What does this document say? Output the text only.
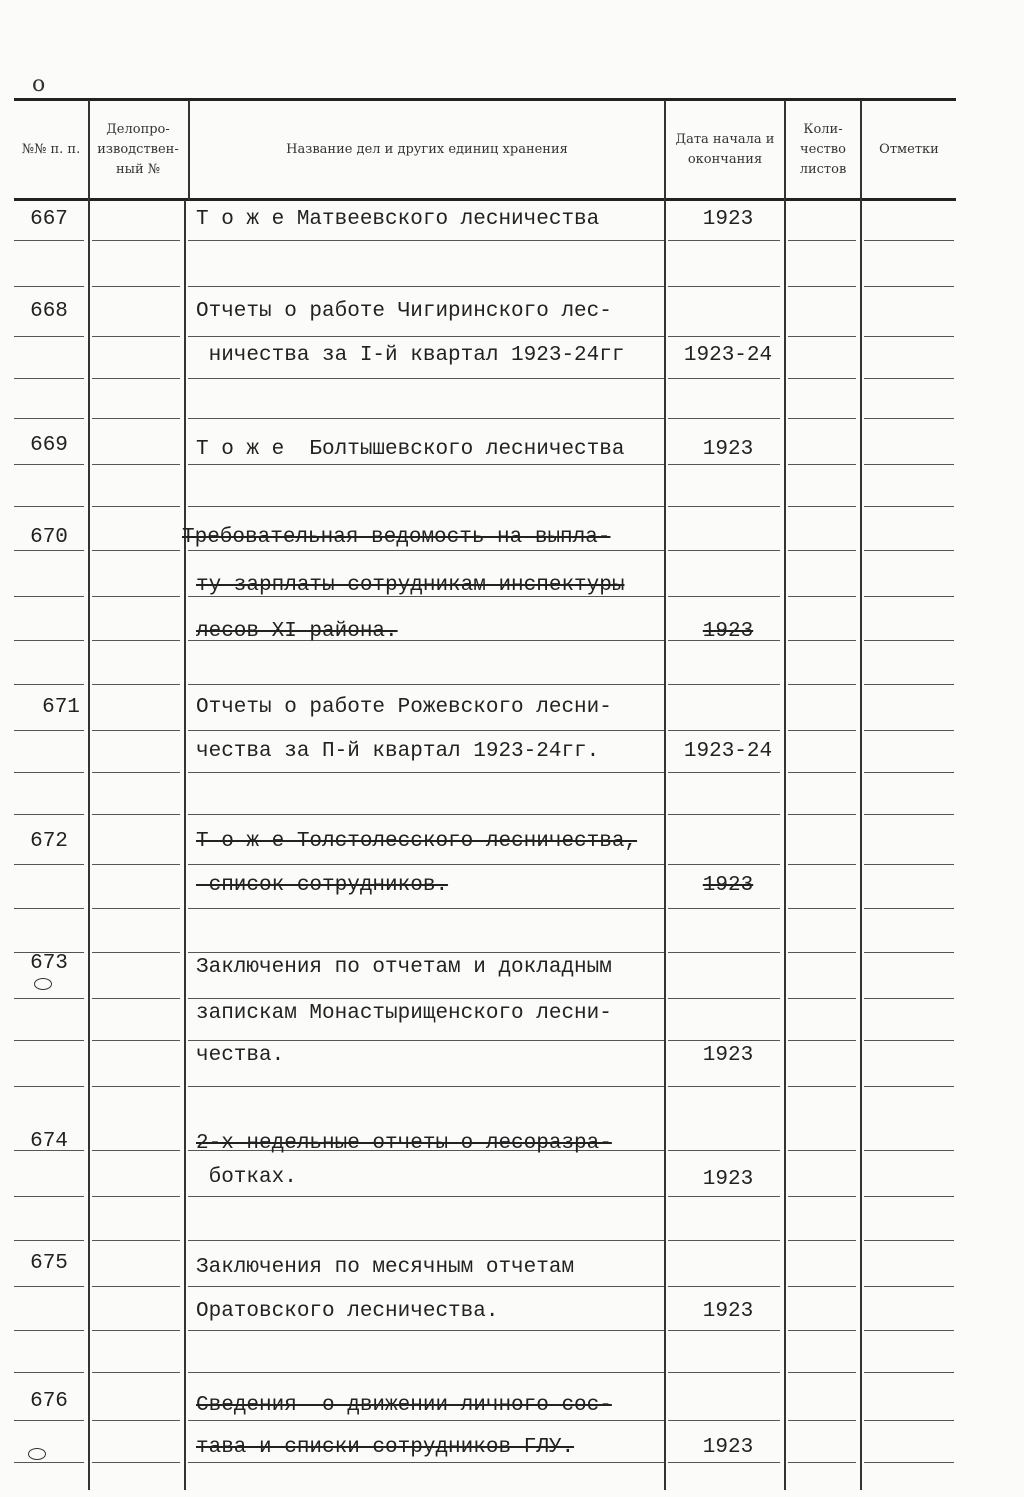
о
№№ п. п.
Делопро-изводствен-ный №
Название дел и других единиц хранения
Дата начала и окончания
Коли-чество листов
Отметки
667	Т о ж е Матвеевского лесничества	1923
668	Отчеты о работе Чигиринского лес-
ничества за I-й квартал 1923-24гг	1923-24
669	Т о ж е  Болтышевского лесничества	1923
670	Требовательная ведомость на выпла-
ту зарплаты сотрудникам инспектуры
лесов XI района.	1923
671	Отчеты о работе Рожевского лесни-
чества за П-й квартал 1923-24гг.	1923-24
672	Т о ж е Толстолесского лесничества,
список сотрудников.	1923
673	Заключения по отчетам и докладным
запискам Монастырищенского лесни-
чества.	1923
674	2-х недельные отчеты о лесоразра-
ботках.	1923
675	Заключения по месячным отчетам
Оратовского лесничества.	1923
676	Сведения  о движении личного сос-
тава и списки сотрудников ГЛУ.	1923
